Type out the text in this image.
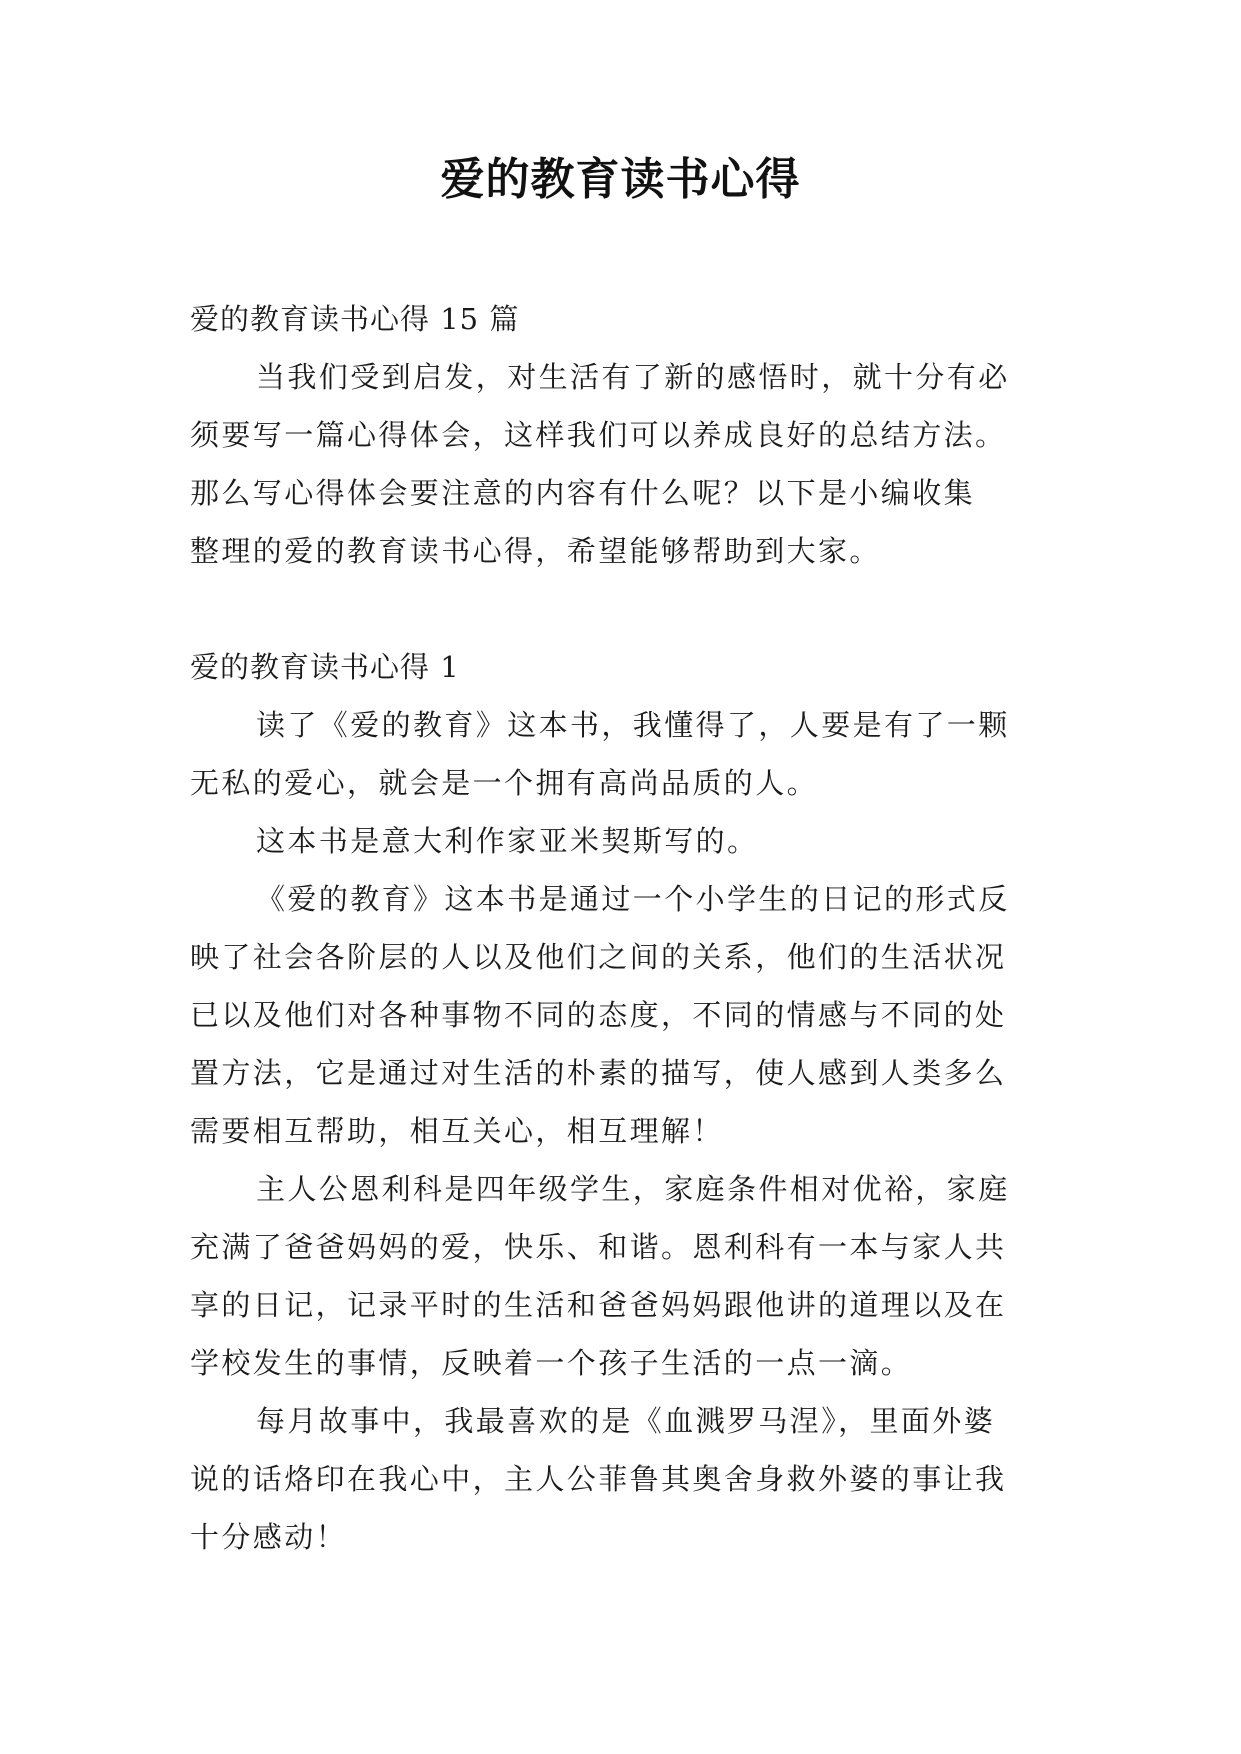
爱的教育读书心得

爱的教育读书心得 15 篇

当我们受到启发，对生活有了新的感悟时，就十分有必

须要写一篇心得体会，这样我们可以养成良好的总结方法。

那么写心得体会要注意的内容有什么呢？以下是小编收集

整理的爱的教育读书心得，希望能够帮助到大家。

爱的教育读书心得 1

读了《爱的教育》这本书，我懂得了，人要是有了一颗

无私的爱心，就会是一个拥有高尚品质的人。

这本书是意大利作家亚米契斯写的。

《爱的教育》这本书是通过一个小学生的日记的形式反

映了社会各阶层的人以及他们之间的关系，他们的生活状况

已以及他们对各种事物不同的态度，不同的情感与不同的处

置方法，它是通过对生活的朴素的描写，使人感到人类多么

需要相互帮助，相互关心，相互理解！

主人公恩利科是四年级学生，家庭条件相对优裕，家庭

充满了爸爸妈妈的爱，快乐、和谐。恩利科有一本与家人共

享的日记，记录平时的生活和爸爸妈妈跟他讲的道理以及在

学校发生的事情，反映着一个孩子生活的一点一滴。

每月故事中，我最喜欢的是《血溅罗马涅》，里面外婆

说的话烙印在我心中，主人公菲鲁其奥舍身救外婆的事让我

十分感动！
